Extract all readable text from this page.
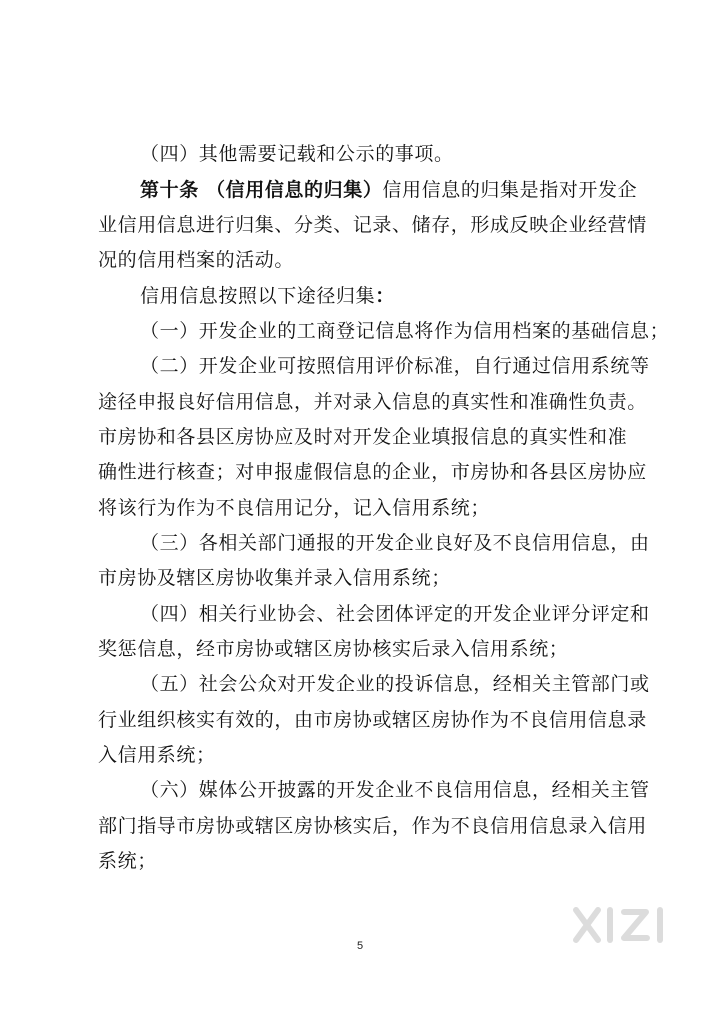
（四）其他需要记载和公示的事项。
第十条 （信用信息的归集）信用信息的归集是指对开发企
业信用信息进行归集、分类、记录、储存，形成反映企业经营情
况的信用档案的活动。
信用信息按照以下途径归集：
（一）开发企业的工商登记信息将作为信用档案的基础信息；
（二）开发企业可按照信用评价标准，自行通过信用系统等
途径申报良好信用信息，并对录入信息的真实性和准确性负责。
市房协和各县区房协应及时对开发企业填报信息的真实性和准
确性进行核查；对申报虚假信息的企业，市房协和各县区房协应
将该行为作为不良信用记分，记入信用系统；
（三）各相关部门通报的开发企业良好及不良信用信息，由
市房协及辖区房协收集并录入信用系统；
（四）相关行业协会、社会团体评定的开发企业评分评定和
奖惩信息，经市房协或辖区房协核实后录入信用系统；
（五）社会公众对开发企业的投诉信息，经相关主管部门或
行业组织核实有效的，由市房协或辖区房协作为不良信用信息录
入信用系统；
（六）媒体公开披露的开发企业不良信用信息，经相关主管
部门指导市房协或辖区房协核实后，作为不良信用信息录入信用
系统；
5
